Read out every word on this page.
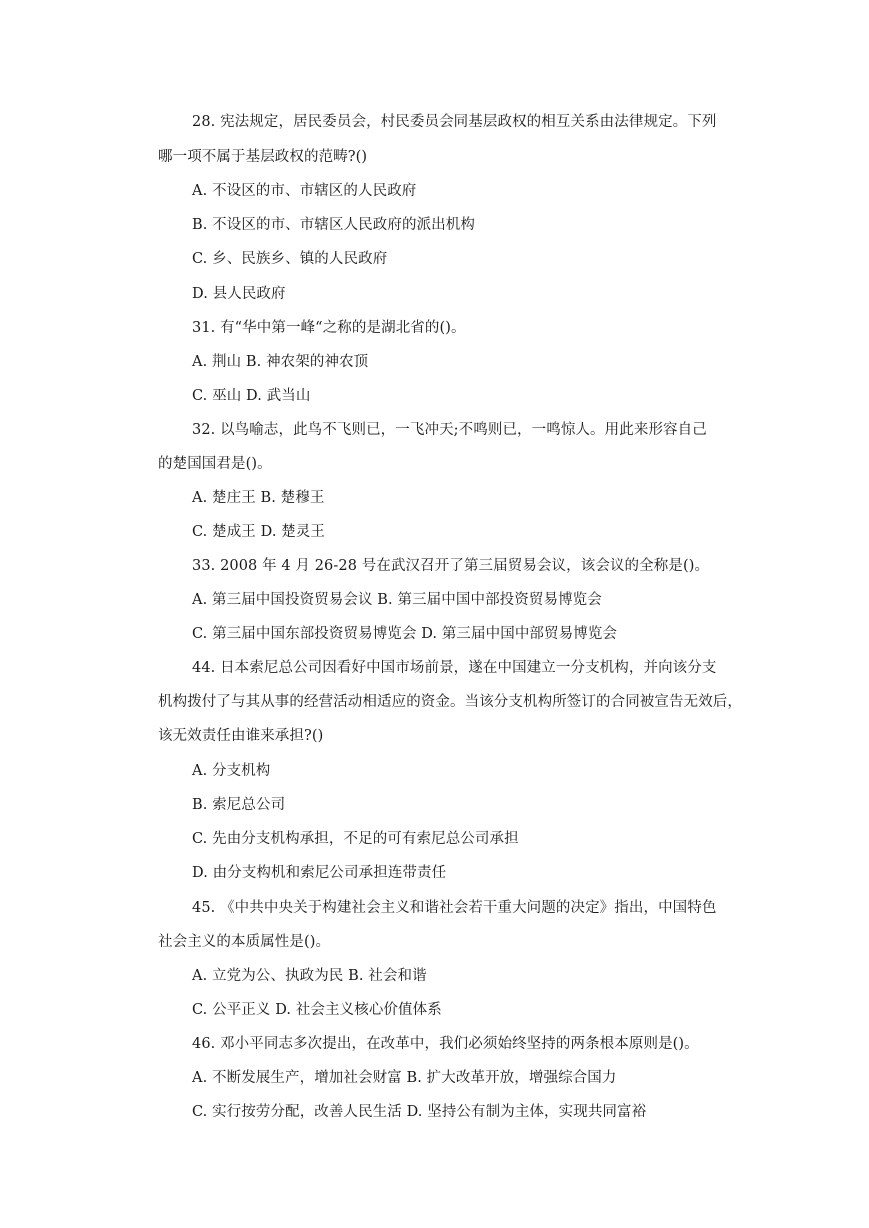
28. 宪法规定，居民委员会，村民委员会同基层政权的相互关系由法律规定。下列
哪一项不属于基层政权的范畴?()
A. 不设区的市、市辖区的人民政府
B. 不设区的市、市辖区人民政府的派出机构
C. 乡、民族乡、镇的人民政府
D. 县人民政府
31. 有“华中第一峰“之称的是湖北省的()。
A. 荆山 B. 神农架的神农顶
C. 巫山 D. 武当山
32. 以鸟喻志，此鸟不飞则已，一飞冲天;不鸣则已，一鸣惊人。用此来形容自己
的楚国国君是()。
A. 楚庄王 B. 楚穆王
C. 楚成王 D. 楚灵王
33. 2008 年 4 月 26-28 号在武汉召开了第三届贸易会议，该会议的全称是()。
A. 第三届中国投资贸易会议 B. 第三届中国中部投资贸易博览会
C. 第三届中国东部投资贸易博览会 D. 第三届中国中部贸易博览会
44. 日本索尼总公司因看好中国市场前景，遂在中国建立一分支机构，并向该分支
机构拨付了与其从事的经营活动相适应的资金。当该分支机构所签订的合同被宣告无效后，
该无效责任由谁来承担?()
A. 分支机构
B. 索尼总公司
C. 先由分支机构承担，不足的可有索尼总公司承担
D. 由分支构机和索尼公司承担连带责任
45. 《中共中央关于构建社会主义和谐社会若干重大问题的决定》指出，中国特色
社会主义的本质属性是()。
A. 立党为公、执政为民 B. 社会和谐
C. 公平正义 D. 社会主义核心价值体系
46. 邓小平同志多次提出，在改革中，我们必须始终坚持的两条根本原则是()。
A. 不断发展生产，增加社会财富 B. 扩大改革开放，增强综合国力
C. 实行按劳分配，改善人民生活 D. 坚持公有制为主体，实现共同富裕
